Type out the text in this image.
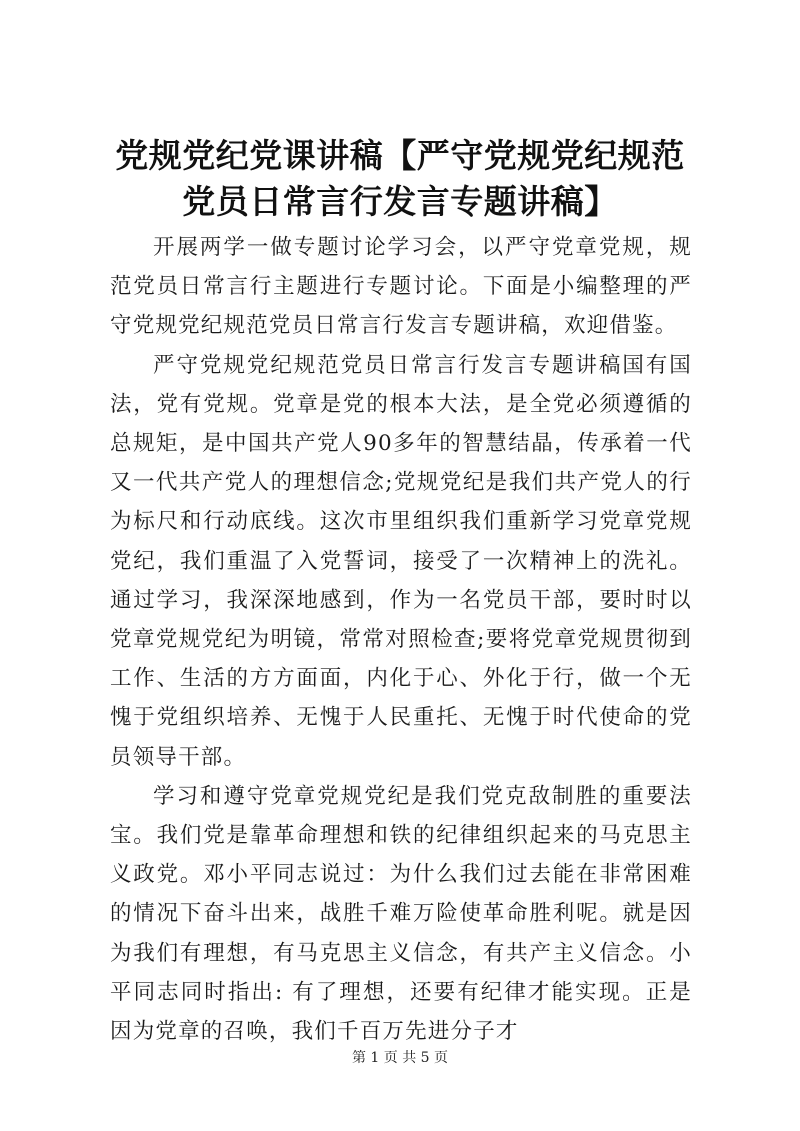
党规党纪党课讲稿【严守党规党纪规范党员日常言行发言专题讲稿】

开展两学一做专题讨论学习会，以严守党章党规，规范党员日常言行主题进行专题讨论。下面是小编整理的严守党规党纪规范党员日常言行发言专题讲稿，欢迎借鉴。

严守党规党纪规范党员日常言行发言专题讲稿国有国法，党有党规。党章是党的根本大法，是全党必须遵循的总规矩，是中国共产党人90多年的智慧结晶，传承着一代又一代共产党人的理想信念;党规党纪是我们共产党人的行为标尺和行动底线。这次市里组织我们重新学习党章党规党纪，我们重温了入党誓词，接受了一次精神上的洗礼。通过学习，我深深地感到，作为一名党员干部，要时时以党章党规党纪为明镜，常常对照检查;要将党章党规贯彻到工作、生活的方方面面，内化于心、外化于行，做一个无愧于党组织培养、无愧于人民重托、无愧于时代使命的党员领导干部。

学习和遵守党章党规党纪是我们党克敌制胜的重要法宝。我们党是靠革命理想和铁的纪律组织起来的马克思主义政党。邓小平同志说过：为什么我们过去能在非常困难的情况下奋斗出来，战胜千难万险使革命胜利呢。就是因为我们有理想，有马克思主义信念，有共产主义信念。小平同志同时指出: 有了理想，还要有纪律才能实现。正是因为党章的召唤，我们千百万先进分子才

第 1 页 共 5 页
